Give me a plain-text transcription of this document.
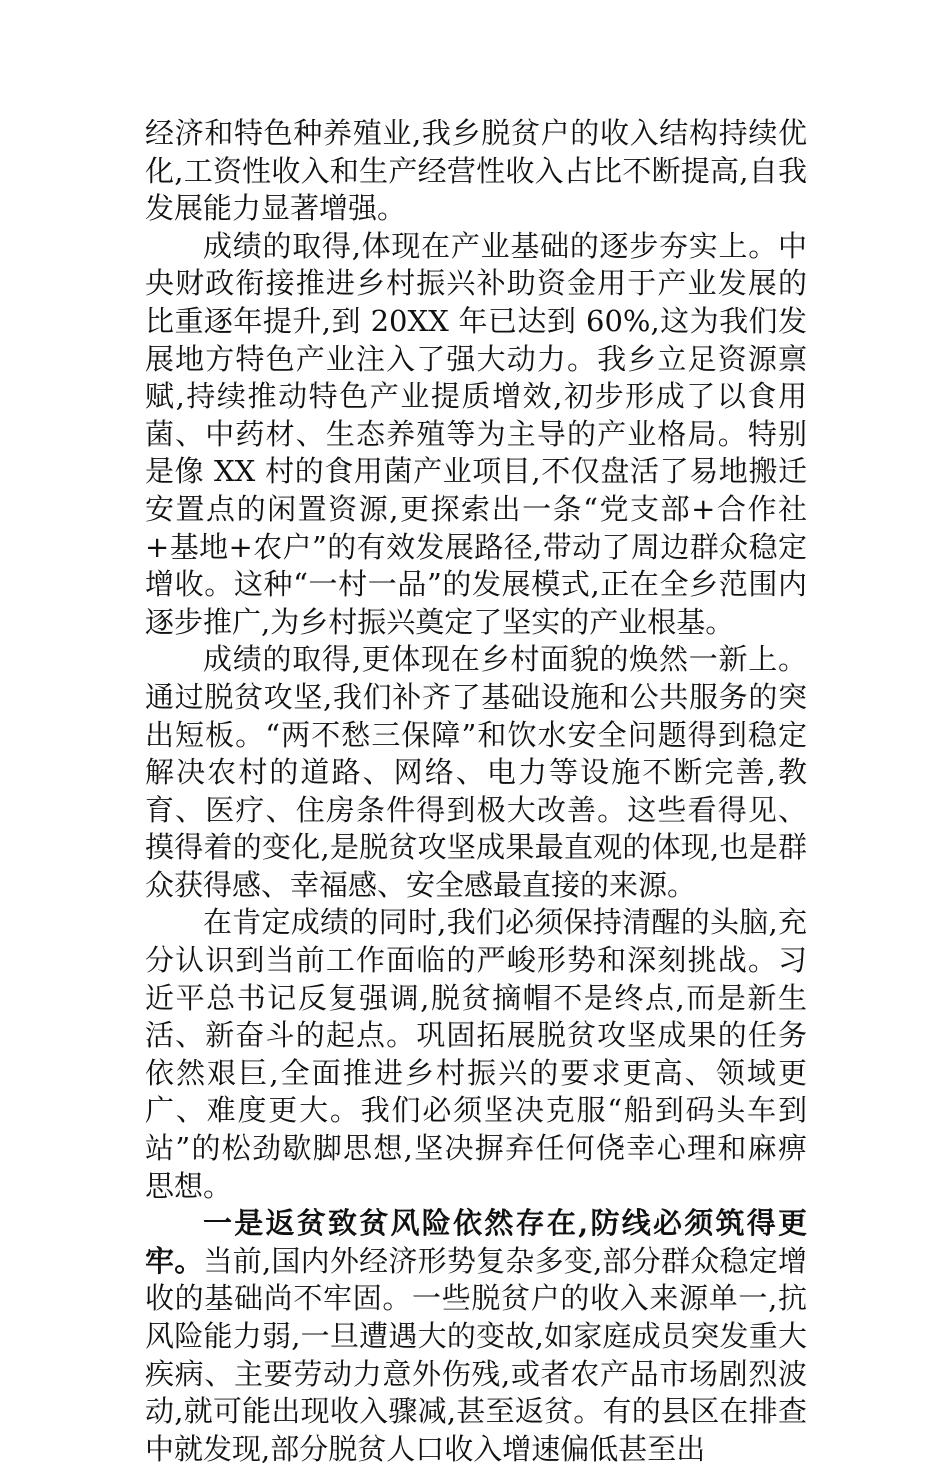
经济和特色种养殖业,我乡脱贫户的收入结构持续优化,工资性收入和生产经营性收入占比不断提高,自我发展能力显著增强。

成绩的取得,体现在产业基础的逐步夯实上。中央财政衔接推进乡村振兴补助资金用于产业发展的比重逐年提升,到 20XX 年已达到 60%,这为我们发展地方特色产业注入了强大动力。我乡立足资源禀赋,持续推动特色产业提质增效,初步形成了以食用菌、中药材、生态养殖等为主导的产业格局。特别是像 XX 村的食用菌产业项目,不仅盘活了易地搬迁安置点的闲置资源,更探索出一条“党支部+合作社+基地+农户”的有效发展路径,带动了周边群众稳定增收。这种“一村一品”的发展模式,正在全乡范围内逐步推广,为乡村振兴奠定了坚实的产业根基。

成绩的取得,更体现在乡村面貌的焕然一新上。通过脱贫攻坚,我们补齐了基础设施和公共服务的突出短板。“两不愁三保障”和饮水安全问题得到稳定解决农村的道路、网络、电力等设施不断完善,教育、医疗、住房条件得到极大改善。这些看得见、摸得着的变化,是脱贫攻坚成果最直观的体现,也是群众获得感、幸福感、安全感最直接的来源。

在肯定成绩的同时,我们必须保持清醒的头脑,充分认识到当前工作面临的严峻形势和深刻挑战。习近平总书记反复强调,脱贫摘帽不是终点,而是新生活、新奋斗的起点。巩固拓展脱贫攻坚成果的任务依然艰巨,全面推进乡村振兴的要求更高、领域更广、难度更大。我们必须坚决克服“船到码头车到站”的松劲歇脚思想,坚决摒弃任何侥幸心理和麻痹思想。

一是返贫致贫风险依然存在,防线必须筑得更牢。当前,国内外经济形势复杂多变,部分群众稳定增收的基础尚不牢固。一些脱贫户的收入来源单一,抗风险能力弱,一旦遭遇大的变故,如家庭成员突发重大疾病、主要劳动力意外伤残,或者农产品市场剧烈波动,就可能出现收入骤减,甚至返贫。有的县区在排查中就发现,部分脱贫人口收入增速偏低甚至出
